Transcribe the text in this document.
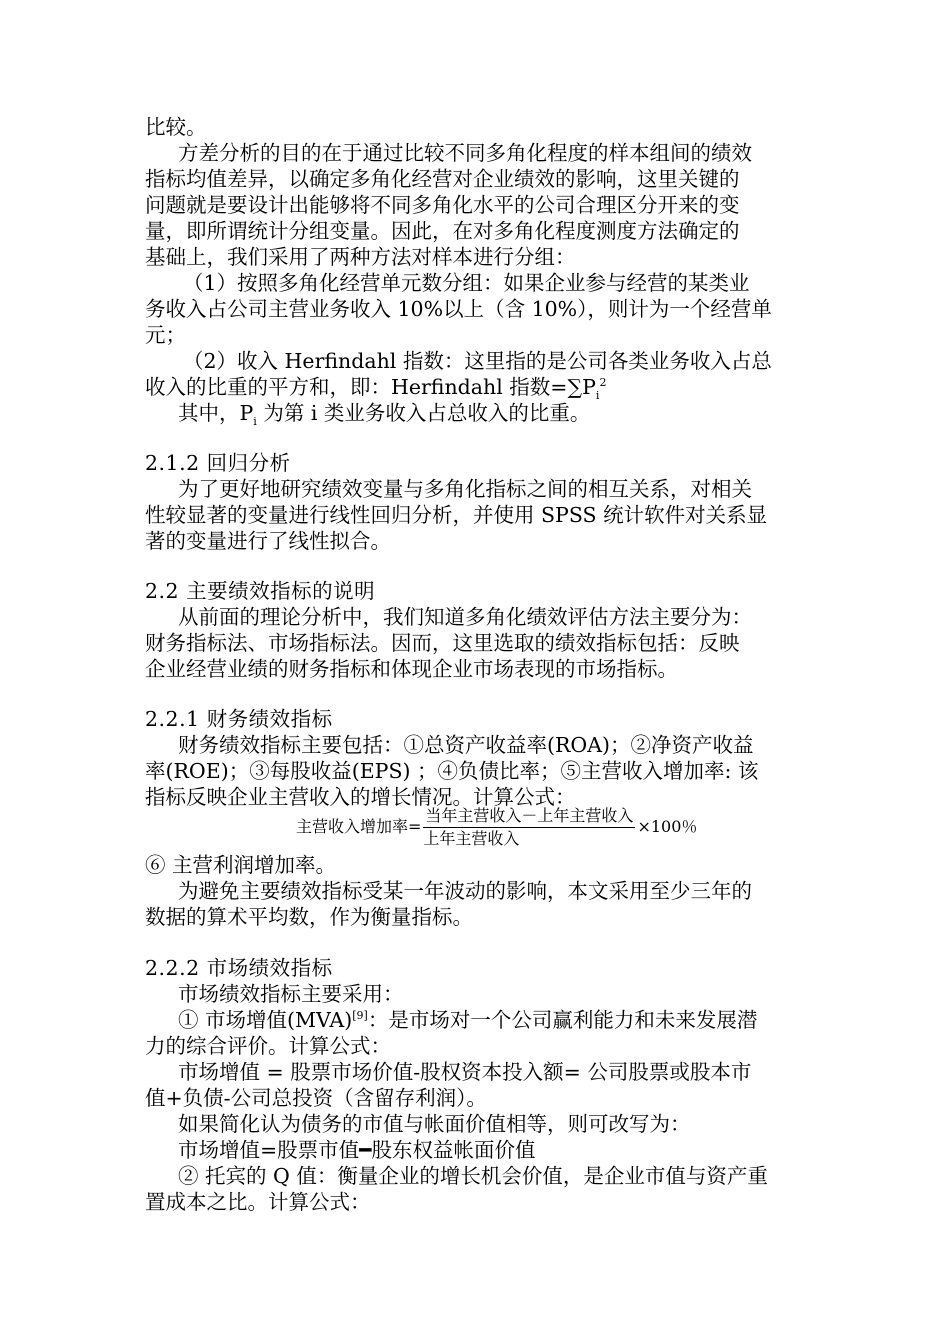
比较。
方差分析的目的在于通过比较不同多角化程度的样本组间的绩效
指标均值差异，以确定多角化经营对企业绩效的影响，这里关键的
问题就是要设计出能够将不同多角化水平的公司合理区分开来的变
量，即所谓统计分组变量。因此，在对多角化程度测度方法确定的
基础上，我们采用了两种方法对样本进行分组：
（1）按照多角化经营单元数分组：如果企业参与经营的某类业
务收入占公司主营业务收入 10%以上（含 10%），则计为一个经营单
元；
（2）收入 Herfindahl 指数：这里指的是公司各类业务收入占总
收入的比重的平方和，即：Herfindahl 指数$=\sum P_i^2$
其中，$P_i$ 为第 i 类业务收入占总收入的比重。
2.1.2 回归分析
为了更好地研究绩效变量与多角化指标之间的相互关系，对相关
性较显著的变量进行线性回归分析，并使用 SPSS 统计软件对关系显
著的变量进行了线性拟合。
2.2 主要绩效指标的说明
从前面的理论分析中，我们知道多角化绩效评估方法主要分为：
财务指标法、市场指标法。因而，这里选取的绩效指标包括：反映
企业经营业绩的财务指标和体现企业市场表现的市场指标。
2.2.1 财务绩效指标
财务绩效指标主要包括：①总资产收益率(ROA)；②净资产收益
率(ROE)；③每股收益(EPS) ；④负债比率；⑤主营收入增加率: 该
指标反映企业主营收入的增长情况。计算公式：
主营收入增加率= $\frac{\text{当年主营收入－上年主营收入}}{\text{上年主营收入}} \times 100$％
⑥ 主营利润增加率。
为避免主要绩效指标受某一年波动的影响，本文采用至少三年的
数据的算术平均数，作为衡量指标。
2.2.2 市场绩效指标
市场绩效指标主要采用：
① 市场增值(MVA)[9]：是市场对一个公司赢利能力和未来发展潜
力的综合评价。计算公式：
市场增值 = 股票市场价值-股权资本投入额= 公司股票或股本市
值+负债-公司总投资（含留存利润）。
如果简化认为债务的市值与帐面价值相等，则可改写为：
市场增值=股票市值━股东权益帐面价值
② 托宾的 Q 值：衡量企业的增长机会价值，是企业市值与资产重
置成本之比。计算公式：
